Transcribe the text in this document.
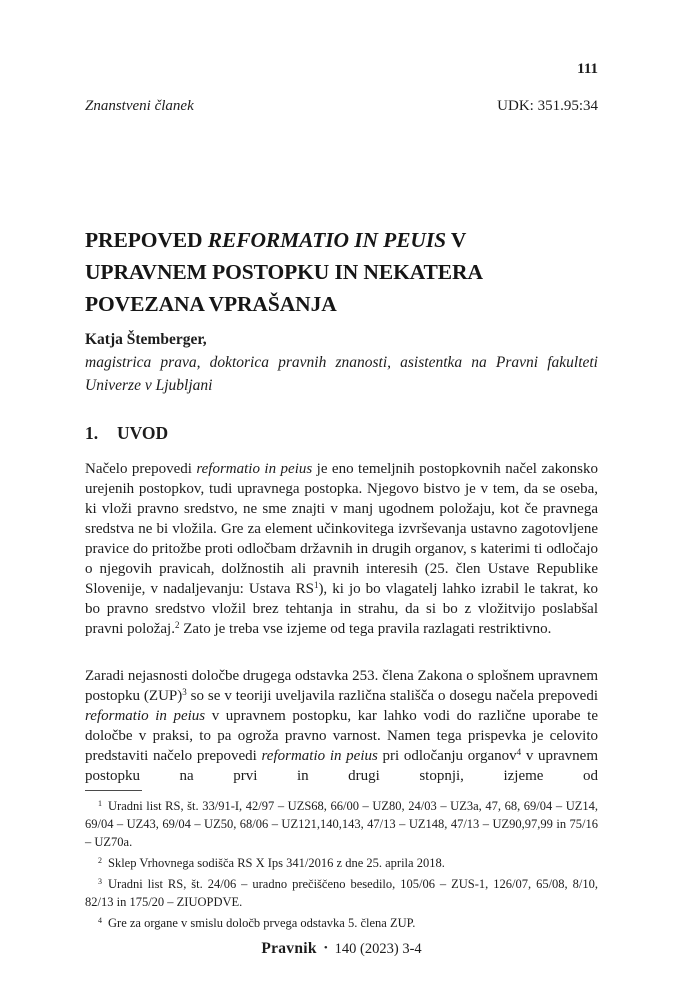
111
Znanstveni članek	UDK: 351.95:34
PREPOVED REFORMATIO IN PEUIS V
UPRAVNEM POSTOPKU IN NEKATERA
POVEZANA VPRAŠANJA
Katja Štemberger,
magistrica prava, doktorica pravnih znanosti, asistentka na Pravni fakulteti
Univerze v Ljubljani
1. UVOD

Načelo prepovedi reformatio in peius je eno temeljnih postopkovnih načel zakonsko urejenih postopkov, tudi upravnega postopka. Njegovo bistvo je v tem, da se oseba, ki vloži pravno sredstvo, ne sme znajti v manj ugodnem položaju, kot če pravnega sredstva ne bi vložila. Gre za element učinkovitega izvrševanja ustavno zagotovljene pravice do pritožbe proti odločbam državnih in drugih organov, s katerimi ti odločajo o njegovih pravicah, dolžnostih ali pravnih interesih (25. člen Ustave Republike Slovenije, v nadaljevanju: Ustava RS$^1$), ki jo bo vlagatelj lahko izrabil le takrat, ko bo pravno sredstvo vložil brez tehtanja in strahu, da si bo z vložitvijo poslabšal pravni položaj.$^2$ Zato je treba vse izjeme od tega pravila razlagati restriktivno.

Zaradi nejasnosti določbe drugega odstavka 253. člena Zakona o splošnem upravnem postopku (ZUP)$^3$ so se v teoriji uveljavila različna stališča o dosegu načela prepovedi reformatio in peius v upravnem postopku, kar lahko vodi do različne uporabe te določbe v praksi, to pa ogroža pravno varnost. Namen tega prispevka je celovito predstaviti načelo prepovedi reformatio in peius pri odločanju organov$^4$ v upravnem postopku na prvi in drugi stopnji, izjeme od

$^1$ Uradni list RS, št. 33/91-I, 42/97 – UZS68, 66/00 – UZ80, 24/03 – UZ3a, 47, 68, 69/04 – UZ14, 69/04 – UZ43, 69/04 – UZ50, 68/06 – UZ121,140,143, 47/13 – UZ148, 47/13 – UZ90,97,99 in 75/16 – UZ70a.

$^2$ Sklep Vrhovnega sodišča RS X Ips 341/2016 z dne 25. aprila 2018.

$^3$ Uradni list RS, št. 24/06 – uradno prečiščeno besedilo, 105/06 – ZUS-1, 126/07, 65/08, 8/10, 82/13 in 175/20 – ZIUOPDVE.

$^4$ Gre za organe v smislu določb prvega odstavka 5. člena ZUP.

Pravnik • 140 (2023) 3-4
